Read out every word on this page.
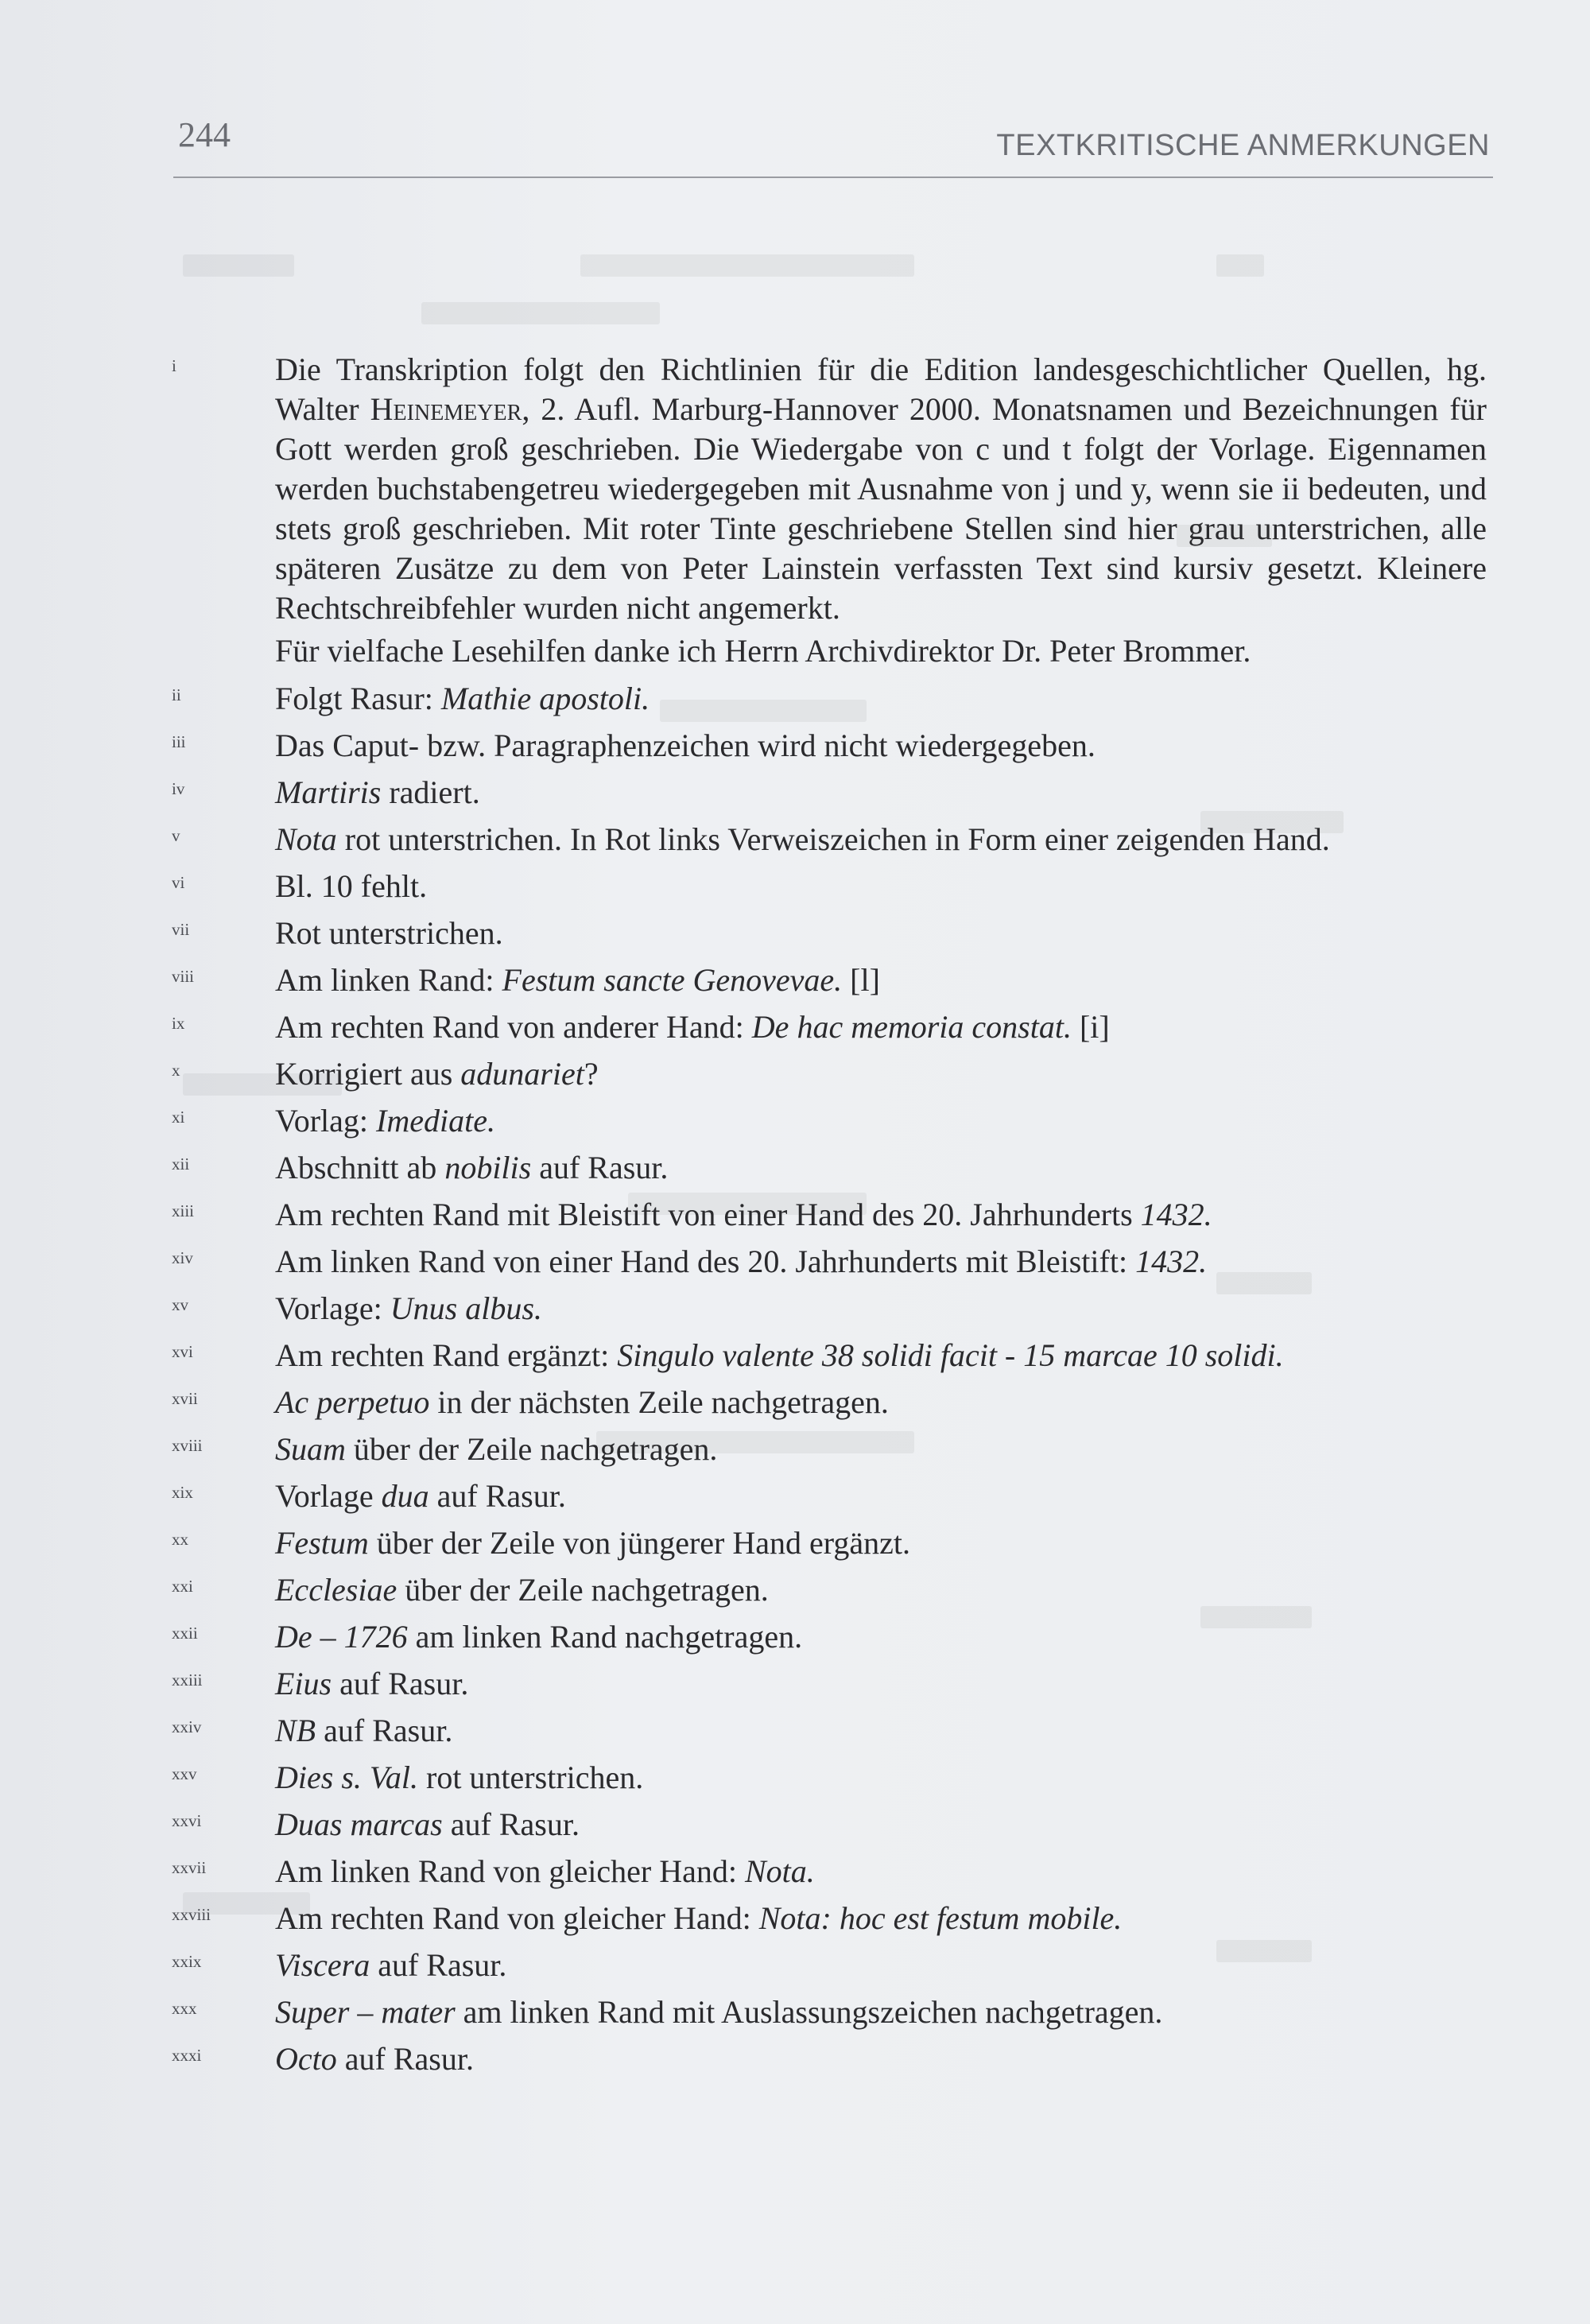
244	TEXTKRITISCHE ANMERKUNGEN
i	Die Transkription folgt den Richtlinien für die Edition landesgeschichtlicher Quellen, hg. Walter Heinemeyer, 2. Aufl. Marburg-Hannover 2000. Monatsnamen und Bezeichnungen für Gott werden groß geschrieben. Die Wiedergabe von c und t folgt der Vorlage. Eigennamen werden buchstabengetreu wiedergegeben mit Ausnahme von j und y, wenn sie ii bedeuten, und stets groß geschrieben. Mit roter Tinte geschriebene Stellen sind hier grau unterstrichen, alle späteren Zusätze zu dem von Peter Lainstein verfassten Text sind kursiv gesetzt. Kleinere Rechtschreibfehler wurden nicht angemerkt.
Für vielfache Lesehilfen danke ich Herrn Archivdirektor Dr. Peter Brommer.
ii	Folgt Rasur: Mathie apostoli.
iii	Das Caput- bzw. Paragraphenzeichen wird nicht wiedergegeben.
iv	Martiris radiert.
v	Nota rot unterstrichen. In Rot links Verweiszeichen in Form einer zeigenden Hand.
vi	Bl. 10 fehlt.
vii	Rot unterstrichen.
viii	Am linken Rand: Festum sancte Genovevae. [l]
ix	Am rechten Rand von anderer Hand: De hac memoria constat. [i]
x	Korrigiert aus adunariet?
xi	Vorlag: Imediate.
xii	Abschnitt ab nobilis auf Rasur.
xiii	Am rechten Rand mit Bleistift von einer Hand des 20. Jahrhunderts 1432.
xiv	Am linken Rand von einer Hand des 20. Jahrhunderts mit Bleistift: 1432.
xv	Vorlage: Unus albus.
xvi	Am rechten Rand ergänzt: Singulo valente 38 solidi facit - 15 marcae 10 solidi.
xvii	Ac perpetuo in der nächsten Zeile nachgetragen.
xviii	Suam über der Zeile nachgetragen.
xix	Vorlage dua auf Rasur.
xx	Festum über der Zeile von jüngerer Hand ergänzt.
xxi	Ecclesiae über der Zeile nachgetragen.
xxii	De – 1726 am linken Rand nachgetragen.
xxiii	Eius auf Rasur.
xxiv	NB auf Rasur.
xxv	Dies s. Val. rot unterstrichen.
xxvi	Duas marcas auf Rasur.
xxvii	Am linken Rand von gleicher Hand: Nota.
xxviii	Am rechten Rand von gleicher Hand: Nota: hoc est festum mobile.
xxix	Viscera auf Rasur.
xxx	Super – mater am linken Rand mit Auslassungszeichen nachgetragen.
xxxi	Octo auf Rasur.
